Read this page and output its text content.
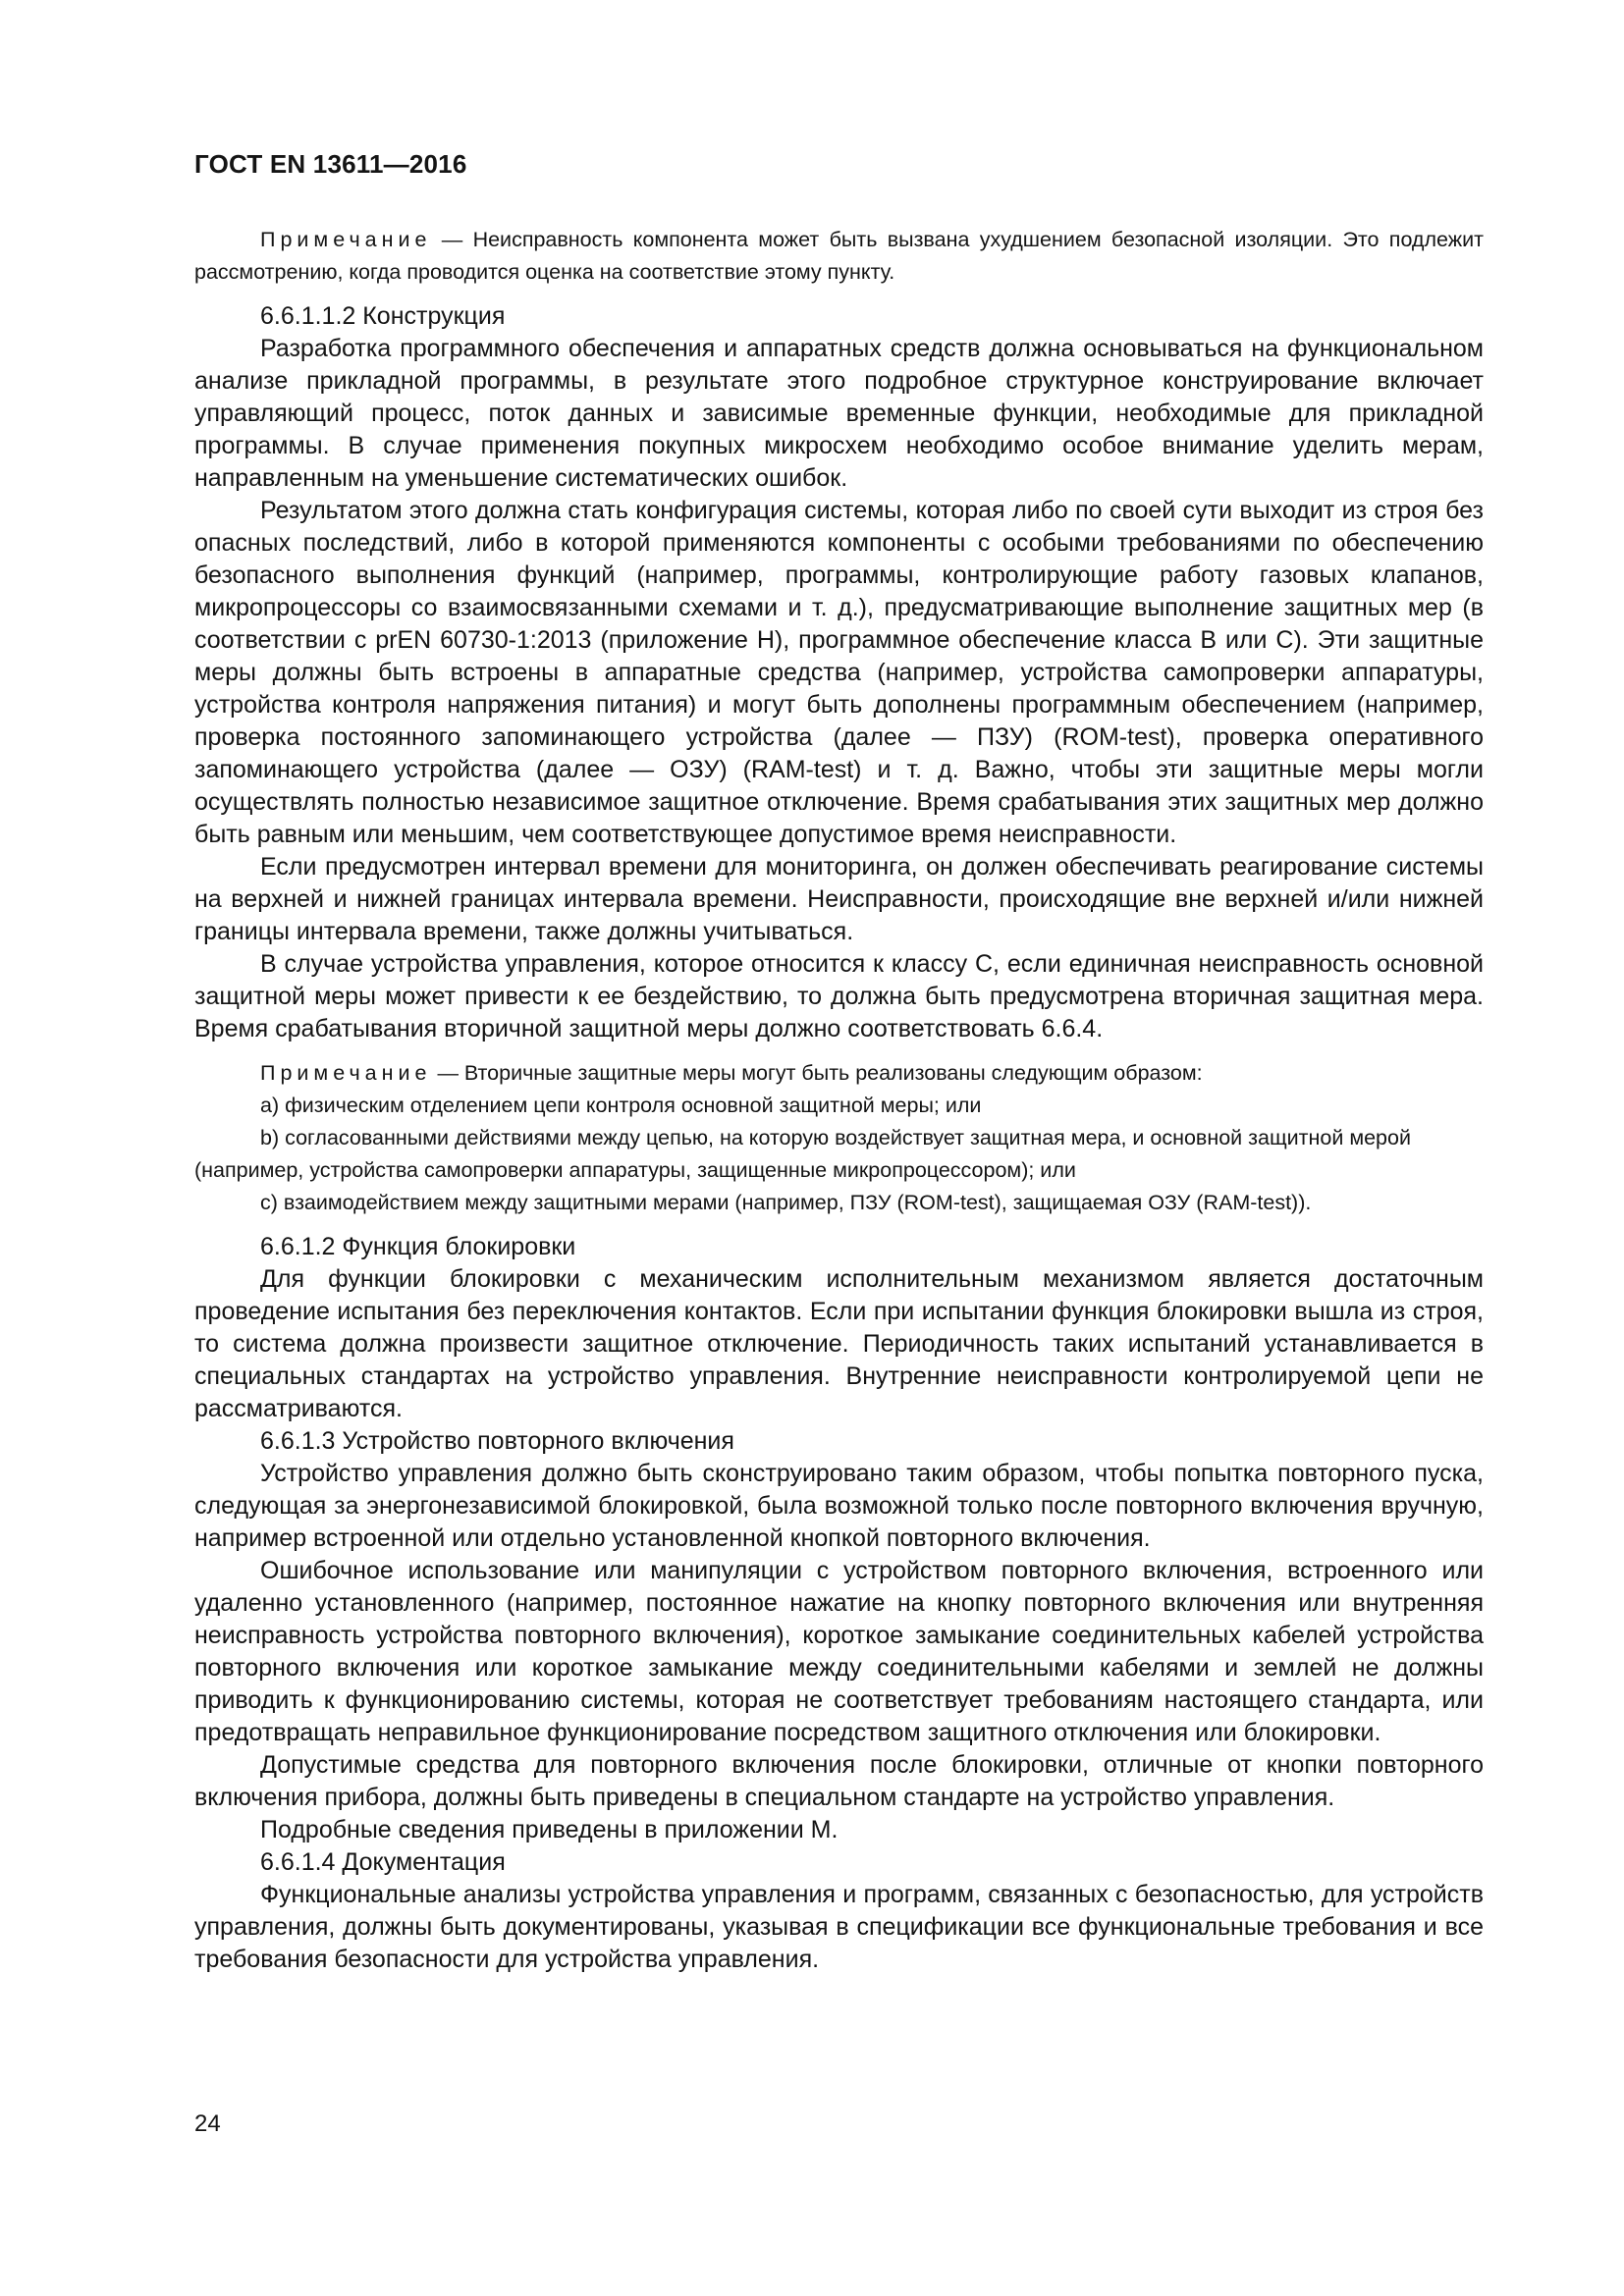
ГОСТ EN 13611—2016

Примечание — Неисправность компонента может быть вызвана ухудшением безопасной изоляции. Это подлежит рассмотрению, когда проводится оценка на соответствие этому пункту.

6.6.1.1.2 Конструкция

Разработка программного обеспечения и аппаратных средств должна основываться на функциональном анализе прикладной программы, в результате этого подробное структурное конструирование включает управляющий процесс, поток данных и зависимые временные функции, необходимые для прикладной программы. В случае применения покупных микросхем необходимо особое внимание уделить мерам, направленным на уменьшение систематических ошибок.

Результатом этого должна стать конфигурация системы, которая либо по своей сути выходит из строя без опасных последствий, либо в которой применяются компоненты с особыми требованиями по обеспечению безопасного выполнения функций (например, программы, контролирующие работу газовых клапанов, микропроцессоры со взаимосвязанными схемами и т. д.), предусматривающие выполнение защитных мер (в соответствии с prEN 60730-1:2013 (приложение Н), программное обеспечение класса В или С). Эти защитные меры должны быть встроены в аппаратные средства (например, устройства самопроверки аппаратуры, устройства контроля напряжения питания) и могут быть дополнены программным обеспечением (например, проверка постоянного запоминающего устройства (далее — ПЗУ) (ROM-test), проверка оперативного запоминающего устройства (далее — ОЗУ) (RAM-test) и т. д. Важно, чтобы эти защитные меры могли осуществлять полностью независимое защитное отключение. Время срабатывания этих защитных мер должно быть равным или меньшим, чем соответствующее допустимое время неисправности.

Если предусмотрен интервал времени для мониторинга, он должен обеспечивать реагирование системы на верхней и нижней границах интервала времени. Неисправности, происходящие вне верхней и/или нижней границы интервала времени, также должны учитываться.

В случае устройства управления, которое относится к классу С, если единичная неисправность основной защитной меры может привести к ее бездействию, то должна быть предусмотрена вторичная защитная мера. Время срабатывания вторичной защитной меры должно соответствовать 6.6.4.

Примечание — Вторичные защитные меры могут быть реализованы следующим образом:

a) физическим отделением цепи контроля основной защитной меры; или

b) согласованными действиями между цепью, на которую воздействует защитная мера, и основной защитной мерой (например, устройства самопроверки аппаратуры, защищенные микропроцессором); или

c) взаимодействием между защитными мерами (например, ПЗУ (ROM-test), защищаемая ОЗУ (RAM-test)).

6.6.1.2 Функция блокировки

Для функции блокировки с механическим исполнительным механизмом является достаточным проведение испытания без переключения контактов. Если при испытании функция блокировки вышла из строя, то система должна произвести защитное отключение. Периодичность таких испытаний устанавливается в специальных стандартах на устройство управления. Внутренние неисправности контролируемой цепи не рассматриваются.

6.6.1.3 Устройство повторного включения

Устройство управления должно быть сконструировано таким образом, чтобы попытка повторного пуска, следующая за энергонезависимой блокировкой, была возможной только после повторного включения вручную, например встроенной или отдельно установленной кнопкой повторного включения.

Ошибочное использование или манипуляции с устройством повторного включения, встроенного или удаленно установленного (например, постоянное нажатие на кнопку повторного включения или внутренняя неисправность устройства повторного включения), короткое замыкание соединительных кабелей устройства повторного включения или короткое замыкание между соединительными кабелями и землей не должны приводить к функционированию системы, которая не соответствует требованиям настоящего стандарта, или предотвращать неправильное функционирование посредством защитного отключения или блокировки.

Допустимые средства для повторного включения после блокировки, отличные от кнопки повторного включения прибора, должны быть приведены в специальном стандарте на устройство управления.

Подробные сведения приведены в приложении М.

6.6.1.4 Документация

Функциональные анализы устройства управления и программ, связанных с безопасностью, для устройств управления, должны быть документированы, указывая в спецификации все функциональные требования и все требования безопасности для устройства управления.

24
